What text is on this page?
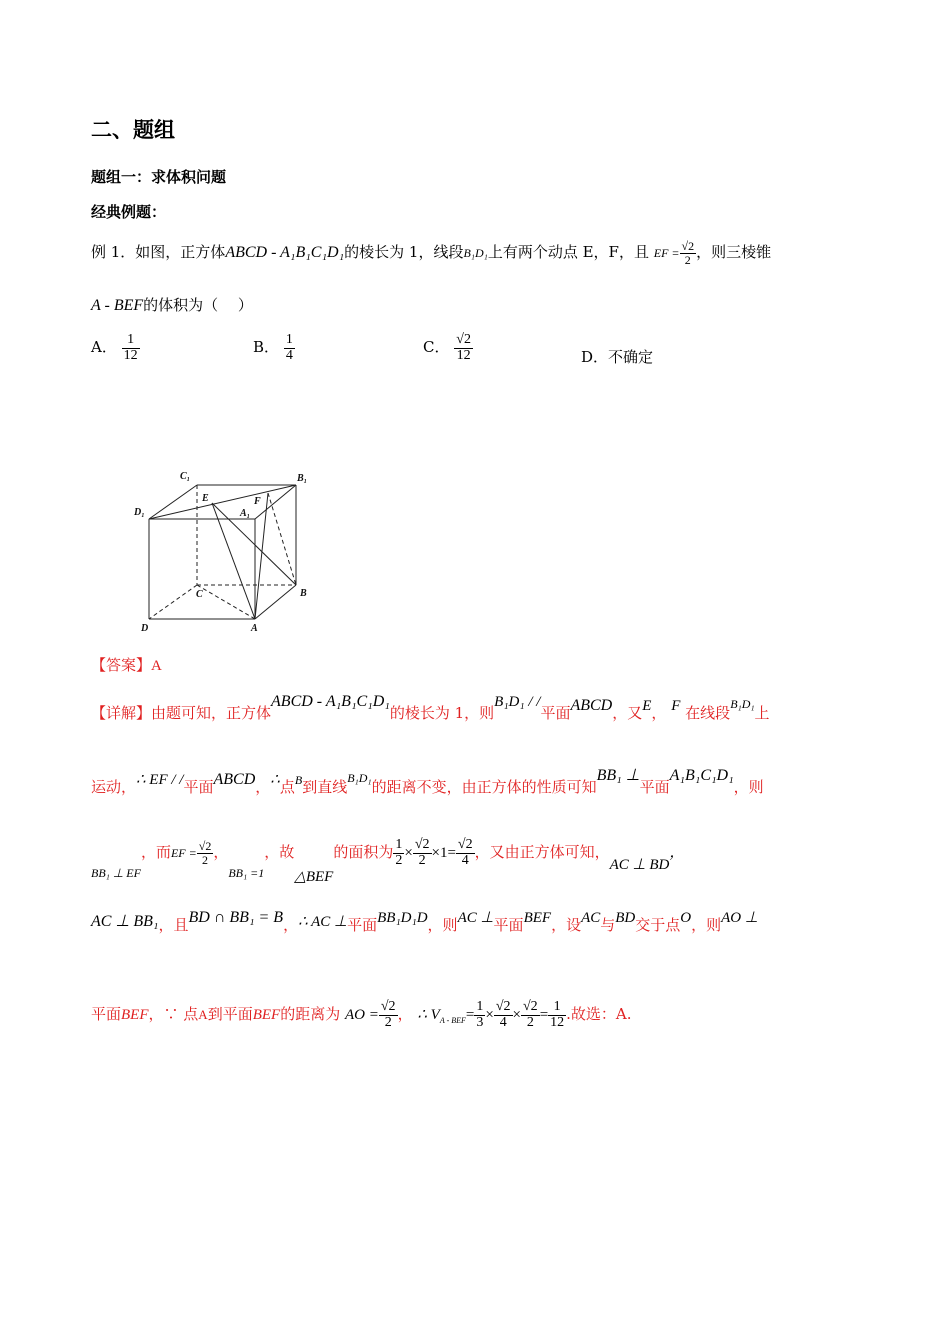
二、题组
题组一：求体积问题
经典例题：
例 1．如图，正方体ABCD - A₁B₁C₁D₁的棱长为 1，线段B₁D₁上有两个动点 E，F，且 EF = $\frac{√2}{2}$ ，则三棱锥
A - BEF的体积为（　 ）
A． $\frac{1}{12}$	B． $\frac{1}{4}$	C． $\frac{√2}{12}$	D．不确定
C₁	B₁
E	F
D₁	A₁
C	B
D	A
【答案】A
【详解】由题可知，正方体ABCD - A₁B₁C₁D₁的棱长为 1，则B₁D₁ / /平面ABCD，又E， F 在线段$^{B_1D_1}$上
运动，∴ EF / /平面ABCD，∴点$^B$到直线$^{B_1D_1}$的距离不变，由正方体的性质可知BB₁ ⊥平面A₁B₁C₁D₁，则
$_{BB_1 \perp EF}$，而EF = $\frac{√2}{2}$ ，$_{BB_1 =1}$，故△BEF的面积为 $\frac{1}{2} \times \frac{√2}{2} \times 1= \frac{√2}{4}$ ，又由正方体可知，AC ⊥ BD，
AC ⊥ BB₁，且BD ∩ BB₁ = B，∴ AC ⊥平面BB₁D₁D，则AC ⊥平面BEF，设AC与BD交于点O，则AO ⊥
平面BEF，∵ 点A到平面BEF的距离为 AO = $\frac{√2}{2}$ ， ∴ $V_{A - BEF}= \frac{1}{3} \times \frac{√2}{4} \times \frac{√2}{2} = \frac{1}{12}$ .故选：A.
